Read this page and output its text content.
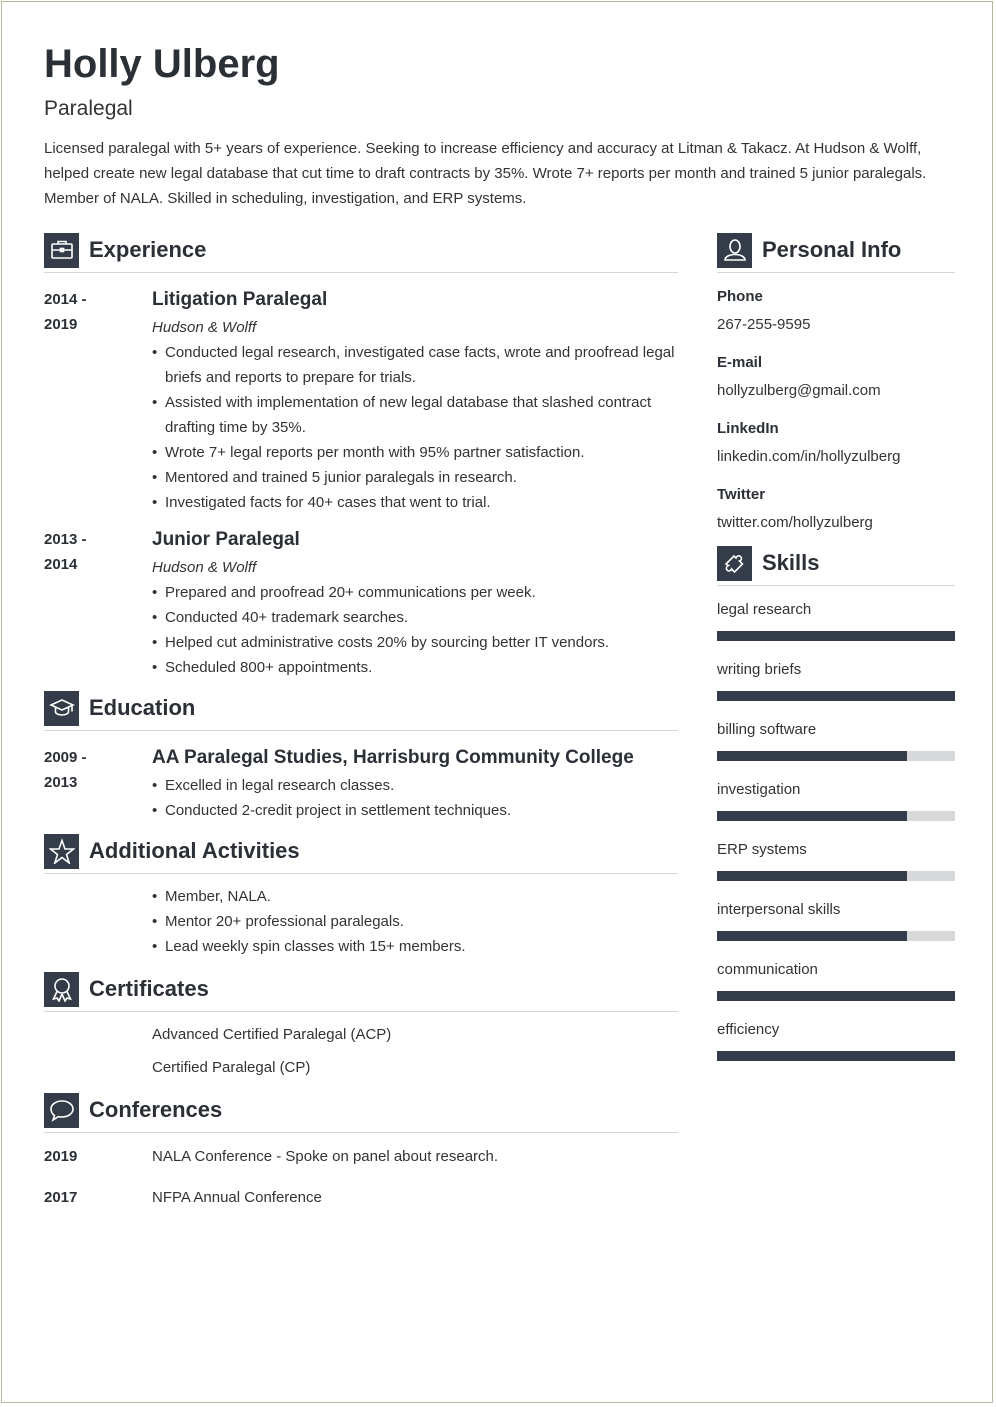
Holly Ulberg
Paralegal
Licensed paralegal with 5+ years of experience. Seeking to increase efficiency and accuracy at Litman & Takacz. At Hudson & Wolff, helped create new legal database that cut time to draft contracts by 35%. Wrote 7+ reports per month and trained 5 junior paralegals. Member of NALA. Skilled in scheduling, investigation, and ERP systems.
Experience
2014 -
2019
Litigation Paralegal
Hudson & Wolff
• Conducted legal research, investigated case facts, wrote and proofread legal briefs and reports to prepare for trials.
• Assisted with implementation of new legal database that slashed contract drafting time by 35%.
• Wrote 7+ legal reports per month with 95% partner satisfaction.
• Mentored and trained 5 junior paralegals in research.
• Investigated facts for 40+ cases that went to trial.
2013 -
2014
Junior Paralegal
Hudson & Wolff
• Prepared and proofread 20+ communications per week.
• Conducted 40+ trademark searches.
• Helped cut administrative costs 20% by sourcing better IT vendors.
• Scheduled 800+ appointments.
Education
2009 -
2013
AA Paralegal Studies, Harrisburg Community College
• Excelled in legal research classes.
• Conducted 2-credit project in settlement techniques.
Additional Activities
• Member, NALA.
• Mentor 20+ professional paralegals.
• Lead weekly spin classes with 15+ members.
Certificates
Advanced Certified Paralegal (ACP)
Certified Paralegal (CP)
Conferences
2019	NALA Conference - Spoke on panel about research.
2017	NFPA Annual Conference
Personal Info
Phone
267-255-9595
E-mail
hollyzulberg@gmail.com
LinkedIn
linkedin.com/in/hollyzulberg
Twitter
twitter.com/hollyzulberg
Skills
legal research
writing briefs
billing software
investigation
ERP systems
interpersonal skills
communication
efficiency
